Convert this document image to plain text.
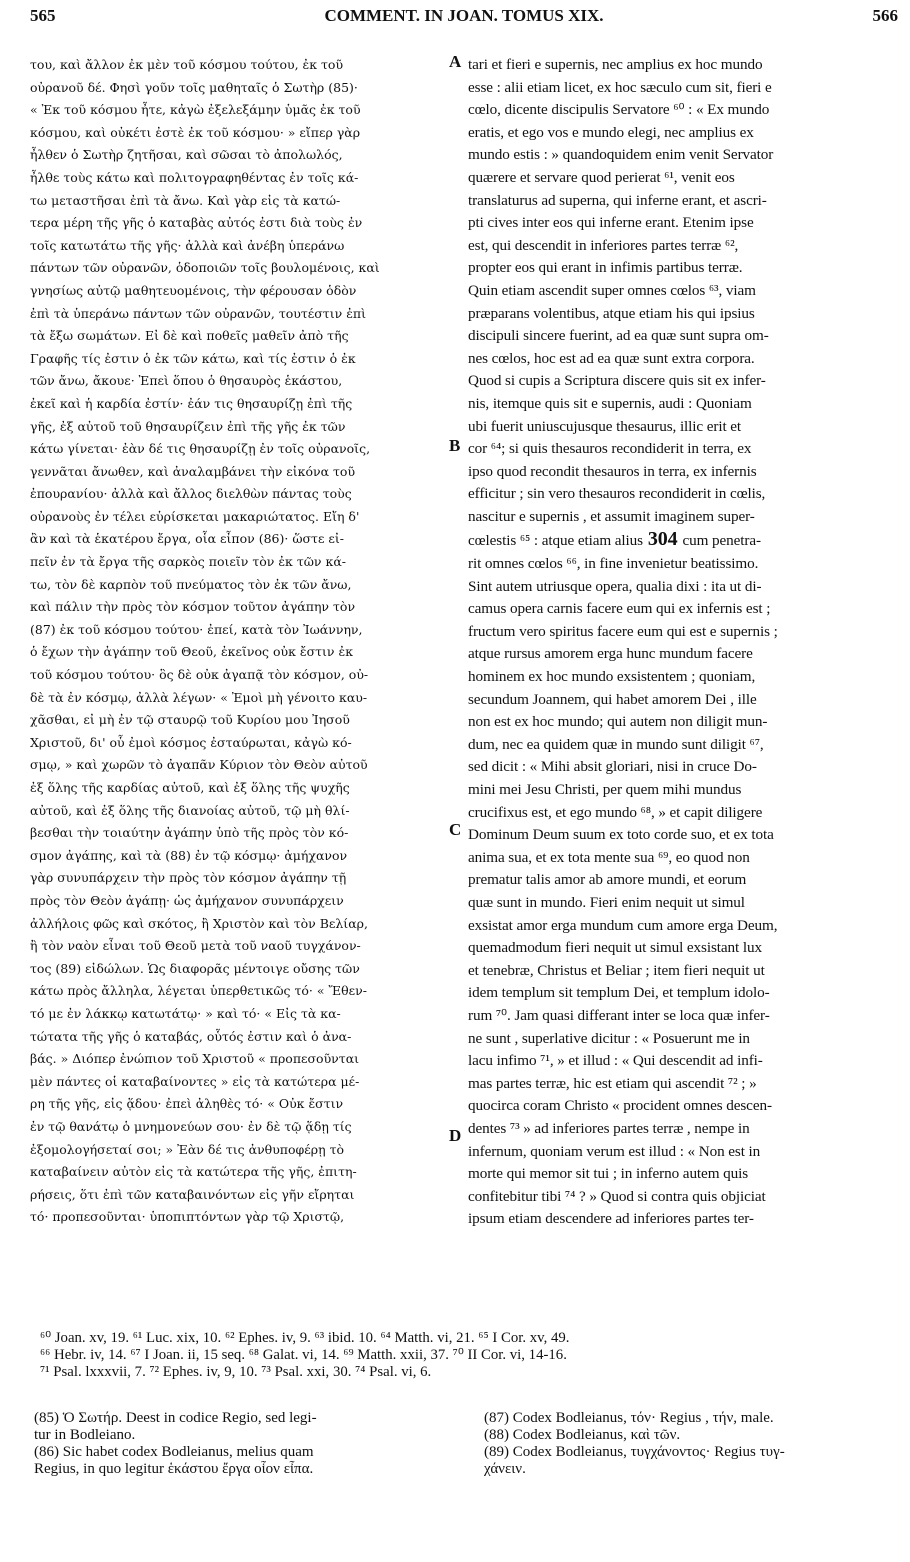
565	COMMENT. IN JOAN. TOMUS XIX.	566
του, καὶ ἄλλον ἐκ μὲν τοῦ κόσμου τούτου, ἐκ τοῦ
οὐρανοῦ δέ. Φησὶ γοῦν τοῖς μαθηταῖς ὁ Σωτὴρ (85)·
« Ἐκ τοῦ κόσμου ἦτε, κἀγὼ ἐξελεξάμην ὑμᾶς ἐκ τοῦ
κόσμου, καὶ οὐκέτι ἐστὲ ἐκ τοῦ κόσμου· » εἴπερ γὰρ
ἦλθεν ὁ Σωτὴρ ζητῆσαι, καὶ σῶσαι τὸ ἀπολωλός,
ἦλθε τοὺς κάτω καὶ πολιτογραφηθέντας ἐν τοῖς κά-
τω μεταστῆσαι ἐπὶ τὰ ἄνω. Καὶ γὰρ εἰς τὰ κατώ-
τερα μέρη τῆς γῆς ὁ καταβὰς αὐτός ἐστι διὰ τοὺς ἐν
τοῖς κατωτάτω τῆς γῆς· ἀλλὰ καὶ ἀνέβη ὑπεράνω
πάντων τῶν οὐρανῶν, ὁδοποιῶν τοῖς βουλομένοις, καὶ
γνησίως αὐτῷ μαθητευομένοις, τὴν φέρουσαν ὁδὸν
ἐπὶ τὰ ὑπεράνω πάντων τῶν οὐρανῶν, τουτέστιν ἐπὶ
τὰ ἔξω σωμάτων. Εἰ δὲ καὶ ποθεῖς μαθεῖν ἀπὸ τῆς
Γραφῆς τίς ἐστιν ὁ ἐκ τῶν κάτω, καὶ τίς ἐστιν ὁ ἐκ
τῶν ἄνω, ἄκουε· Ἐπεὶ ὅπου ὁ θησαυρὸς ἑκάστου,
ἐκεῖ καὶ ἡ καρδία ἐστίν· ἐάν τις θησαυρίζῃ ἐπὶ τῆς
γῆς, ἐξ αὐτοῦ τοῦ θησαυρίζειν ἐπὶ τῆς γῆς ἐκ τῶν
κάτω γίνεται· ἐὰν δέ τις θησαυρίζῃ ἐν τοῖς οὐρανοῖς,
γεννᾶται ἄνωθεν, καὶ ἀναλαμβάνει τὴν εἰκόνα τοῦ
ἐπουρανίου· ἀλλὰ καὶ ἄλλος διελθὼν πάντας τοὺς
οὐρανοὺς ἐν τέλει εὑρίσκεται μακαριώτατος. Εἴη δ'
ἂν καὶ τὰ ἑκατέρου ἔργα, οἷα εἶπον (86)· ὥστε εἰ-
πεῖν ἐν τὰ ἔργα τῆς σαρκὸς ποιεῖν τὸν ἐκ τῶν κά-
τω, τὸν δὲ καρπὸν τοῦ πνεύματος τὸν ἐκ τῶν ἄνω,
καὶ πάλιν τὴν πρὸς τὸν κόσμον τοῦτον ἀγάπην τὸν
(87) ἐκ τοῦ κόσμου τούτου· ἐπεί, κατὰ τὸν Ἰωάννην,
ὁ ἔχων τὴν ἀγάπην τοῦ Θεοῦ, ἐκεῖνος οὐκ ἔστιν ἐκ
τοῦ κόσμου τούτου· ὃς δὲ οὐκ ἀγαπᾷ τὸν κόσμον, οὐ-
δὲ τὰ ἐν κόσμῳ, ἀλλὰ λέγων· « Ἐμοὶ μὴ γένοιτο καυ-
χᾶσθαι, εἰ μὴ ἐν τῷ σταυρῷ τοῦ Κυρίου μου Ἰησοῦ
Χριστοῦ, δι' οὗ ἐμοὶ κόσμος ἐσταύρωται, κἀγὼ κό-
σμῳ, » καὶ χωρῶν τὸ ἀγαπᾶν Κύριον τὸν Θεὸν αὐτοῦ
ἐξ ὅλης τῆς καρδίας αὐτοῦ, καὶ ἐξ ὅλης τῆς ψυχῆς
αὐτοῦ, καὶ ἐξ ὅλης τῆς διανοίας αὐτοῦ, τῷ μὴ θλί-
βεσθαι τὴν τοιαύτην ἀγάπην ὑπὸ τῆς πρὸς τὸν κό-
σμον ἀγάπης, καὶ τὰ (88) ἐν τῷ κόσμῳ· ἀμήχανον
γὰρ συνυπάρχειν τὴν πρὸς τὸν κόσμον ἀγάπην τῇ
πρὸς τὸν Θεὸν ἀγάπῃ· ὡς ἀμήχανον συνυπάρχειν
ἀλλήλοις φῶς καὶ σκότος, ἢ Χριστὸν καὶ τὸν Βελίαρ,
ἢ τὸν ναὸν εἶναι τοῦ Θεοῦ μετὰ τοῦ ναοῦ τυγχάνον-
τος (89) εἰδώλων. Ὡς διαφορᾶς μέντοιγε οὔσης τῶν
κάτω πρὸς ἄλληλα, λέγεται ὑπερθετικῶς τό· « Ἔθεν-
τό με ἐν λάκκῳ κατωτάτῳ· » καὶ τό· « Εἰς τὰ κα-
τώτατα τῆς γῆς ὁ καταβάς, οὗτός ἐστιν καὶ ὁ ἀνα-
βάς. » Διόπερ ἐνώπιον τοῦ Χριστοῦ « προπεσοῦνται
μὲν πάντες οἱ καταβαίνοντες » εἰς τὰ κατώτερα μέ-
ρη τῆς γῆς, εἰς ᾅδου· ἐπεὶ ἀληθὲς τό· « Οὐκ ἔστιν
ἐν τῷ θανάτῳ ὁ μνημονεύων σου· ἐν δὲ τῷ ᾅδῃ τίς
ἐξομολογήσεταί σοι; » Ἐὰν δέ τις ἀνθυποφέρῃ τὸ
καταβαίνειν αὐτὸν εἰς τὰ κατώτερα τῆς γῆς, ἐπιτη-
ρήσεις, ὅτι ἐπὶ τῶν καταβαινόντων εἰς γῆν εἴρηται
τό· προπεσοῦνται· ὑποπιπτόντων γὰρ τῷ Χριστῷ,
tari et fieri e supernis, nec amplius ex hoc mundo
esse : alii etiam licet, ex hoc sæculo cum sit, fieri e
cœlo, dicente discipulis Servatore ⁶⁰ : « Ex mundo
eratis, et ego vos e mundo elegi, nec amplius ex
mundo estis : » quandoquidem enim venit Servator
quærere et servare quod perierat ⁶¹, venit eos
translaturus ad superna, qui inferne erant, et ascri-
pti cives inter eos qui inferne erant. Etenim ipse
est, qui descendit in inferiores partes terræ ⁶²,
propter eos qui erant in infimis partibus terræ.
Quin etiam ascendit super omnes cœlos ⁶³, viam
præparans volentibus, atque etiam his qui ipsius
discipuli sincere fuerint, ad ea quæ sunt supra om-
nes cœlos, hoc est ad ea quæ sunt extra corpora.
Quod si cupis a Scriptura discere quis sit ex infer-
nis, itemque quis sit e supernis, audi : Quoniam
ubi fuerit uniuscujusque thesaurus, illic erit et
cor ⁶⁴; si quis thesauros recondiderit in terra, ex
ipso quod recondit thesauros in terra, ex infernis
efficitur ; sin vero thesauros recondiderit in cœlis,
nascitur e supernis , et assumit imaginem super-
cœlestis ⁶⁵ : atque etiam alius 304 cum penetra-
rit omnes cœlos ⁶⁶, in fine invenietur beatissimo.
Sint autem utriusque opera, qualia dixi : ita ut di-
camus opera carnis facere eum qui ex infernis est ;
fructum vero spiritus facere eum qui est e supernis ;
atque rursus amorem erga hunc mundum facere
hominem ex hoc mundo exsistentem ; quoniam,
secundum Joannem, qui habet amorem Dei , ille
non est ex hoc mundo; qui autem non diligit mun-
dum, nec ea quidem quæ in mundo sunt diligit ⁶⁷,
sed dicit : « Mihi absit gloriari, nisi in cruce Do-
mini mei Jesu Christi, per quem mihi mundus
crucifixus est, et ego mundo ⁶⁸, » et capit diligere
Dominum Deum suum ex toto corde suo, et ex tota
anima sua, et ex tota mente sua ⁶⁹, eo quod non
prematur talis amor ab amore mundi, et eorum
quæ sunt in mundo. Fieri enim nequit ut simul
exsistat amor erga mundum cum amore erga Deum,
quemadmodum fieri nequit ut simul exsistant lux
et tenebræ, Christus et Beliar ; item fieri nequit ut
idem templum sit templum Dei, et templum idolo-
rum ⁷⁰. Jam quasi differant inter se loca quæ infer-
ne sunt , superlative dicitur : « Posuerunt me in
lacu infimo ⁷¹, » et illud : « Qui descendit ad infi-
mas partes terræ, hic est etiam qui ascendit ⁷² ; »
quocirca coram Christo « procident omnes descen-
dentes ⁷³ » ad inferiores partes terræ , nempe in
infernum, quoniam verum est illud : « Non est in
morte qui memor sit tui ; in inferno autem quis
confitebitur tibi ⁷⁴ ? » Quod si contra quis objiciat
ipsum etiam descendere ad inferiores partes ter-
A
B
C
D
⁶⁰ Joan. xv, 19. ⁶¹ Luc. xix, 10. ⁶² Ephes. iv, 9. ⁶³ ibid. 10. ⁶⁴ Matth. vi, 21. ⁶⁵ I Cor. xv, 49.
⁶⁶ Hebr. iv, 14. ⁶⁷ I Joan. ii, 15 seq. ⁶⁸ Galat. vi, 14. ⁶⁹ Matth. xxii, 37. ⁷⁰ II Cor. vi, 14-16.
⁷¹ Psal. lxxxvii, 7. ⁷² Ephes. iv, 9, 10. ⁷³ Psal. xxi, 30. ⁷⁴ Psal. vi, 6.
(85) Ὁ Σωτήρ. Deest in codice Regio, sed legi-
tur in Bodleiano.
(86) Sic habet codex Bodleianus, melius quam
Regius, in quo legitur ἑκάστου ἔργα οἷον εἶπα.
(87) Codex Bodleianus, τόν· Regius , τήν, male.
(88) Codex Bodleianus, καὶ τῶν.
(89) Codex Bodleianus, τυγχάνοντος· Regius τυγ-
χάνειν.
